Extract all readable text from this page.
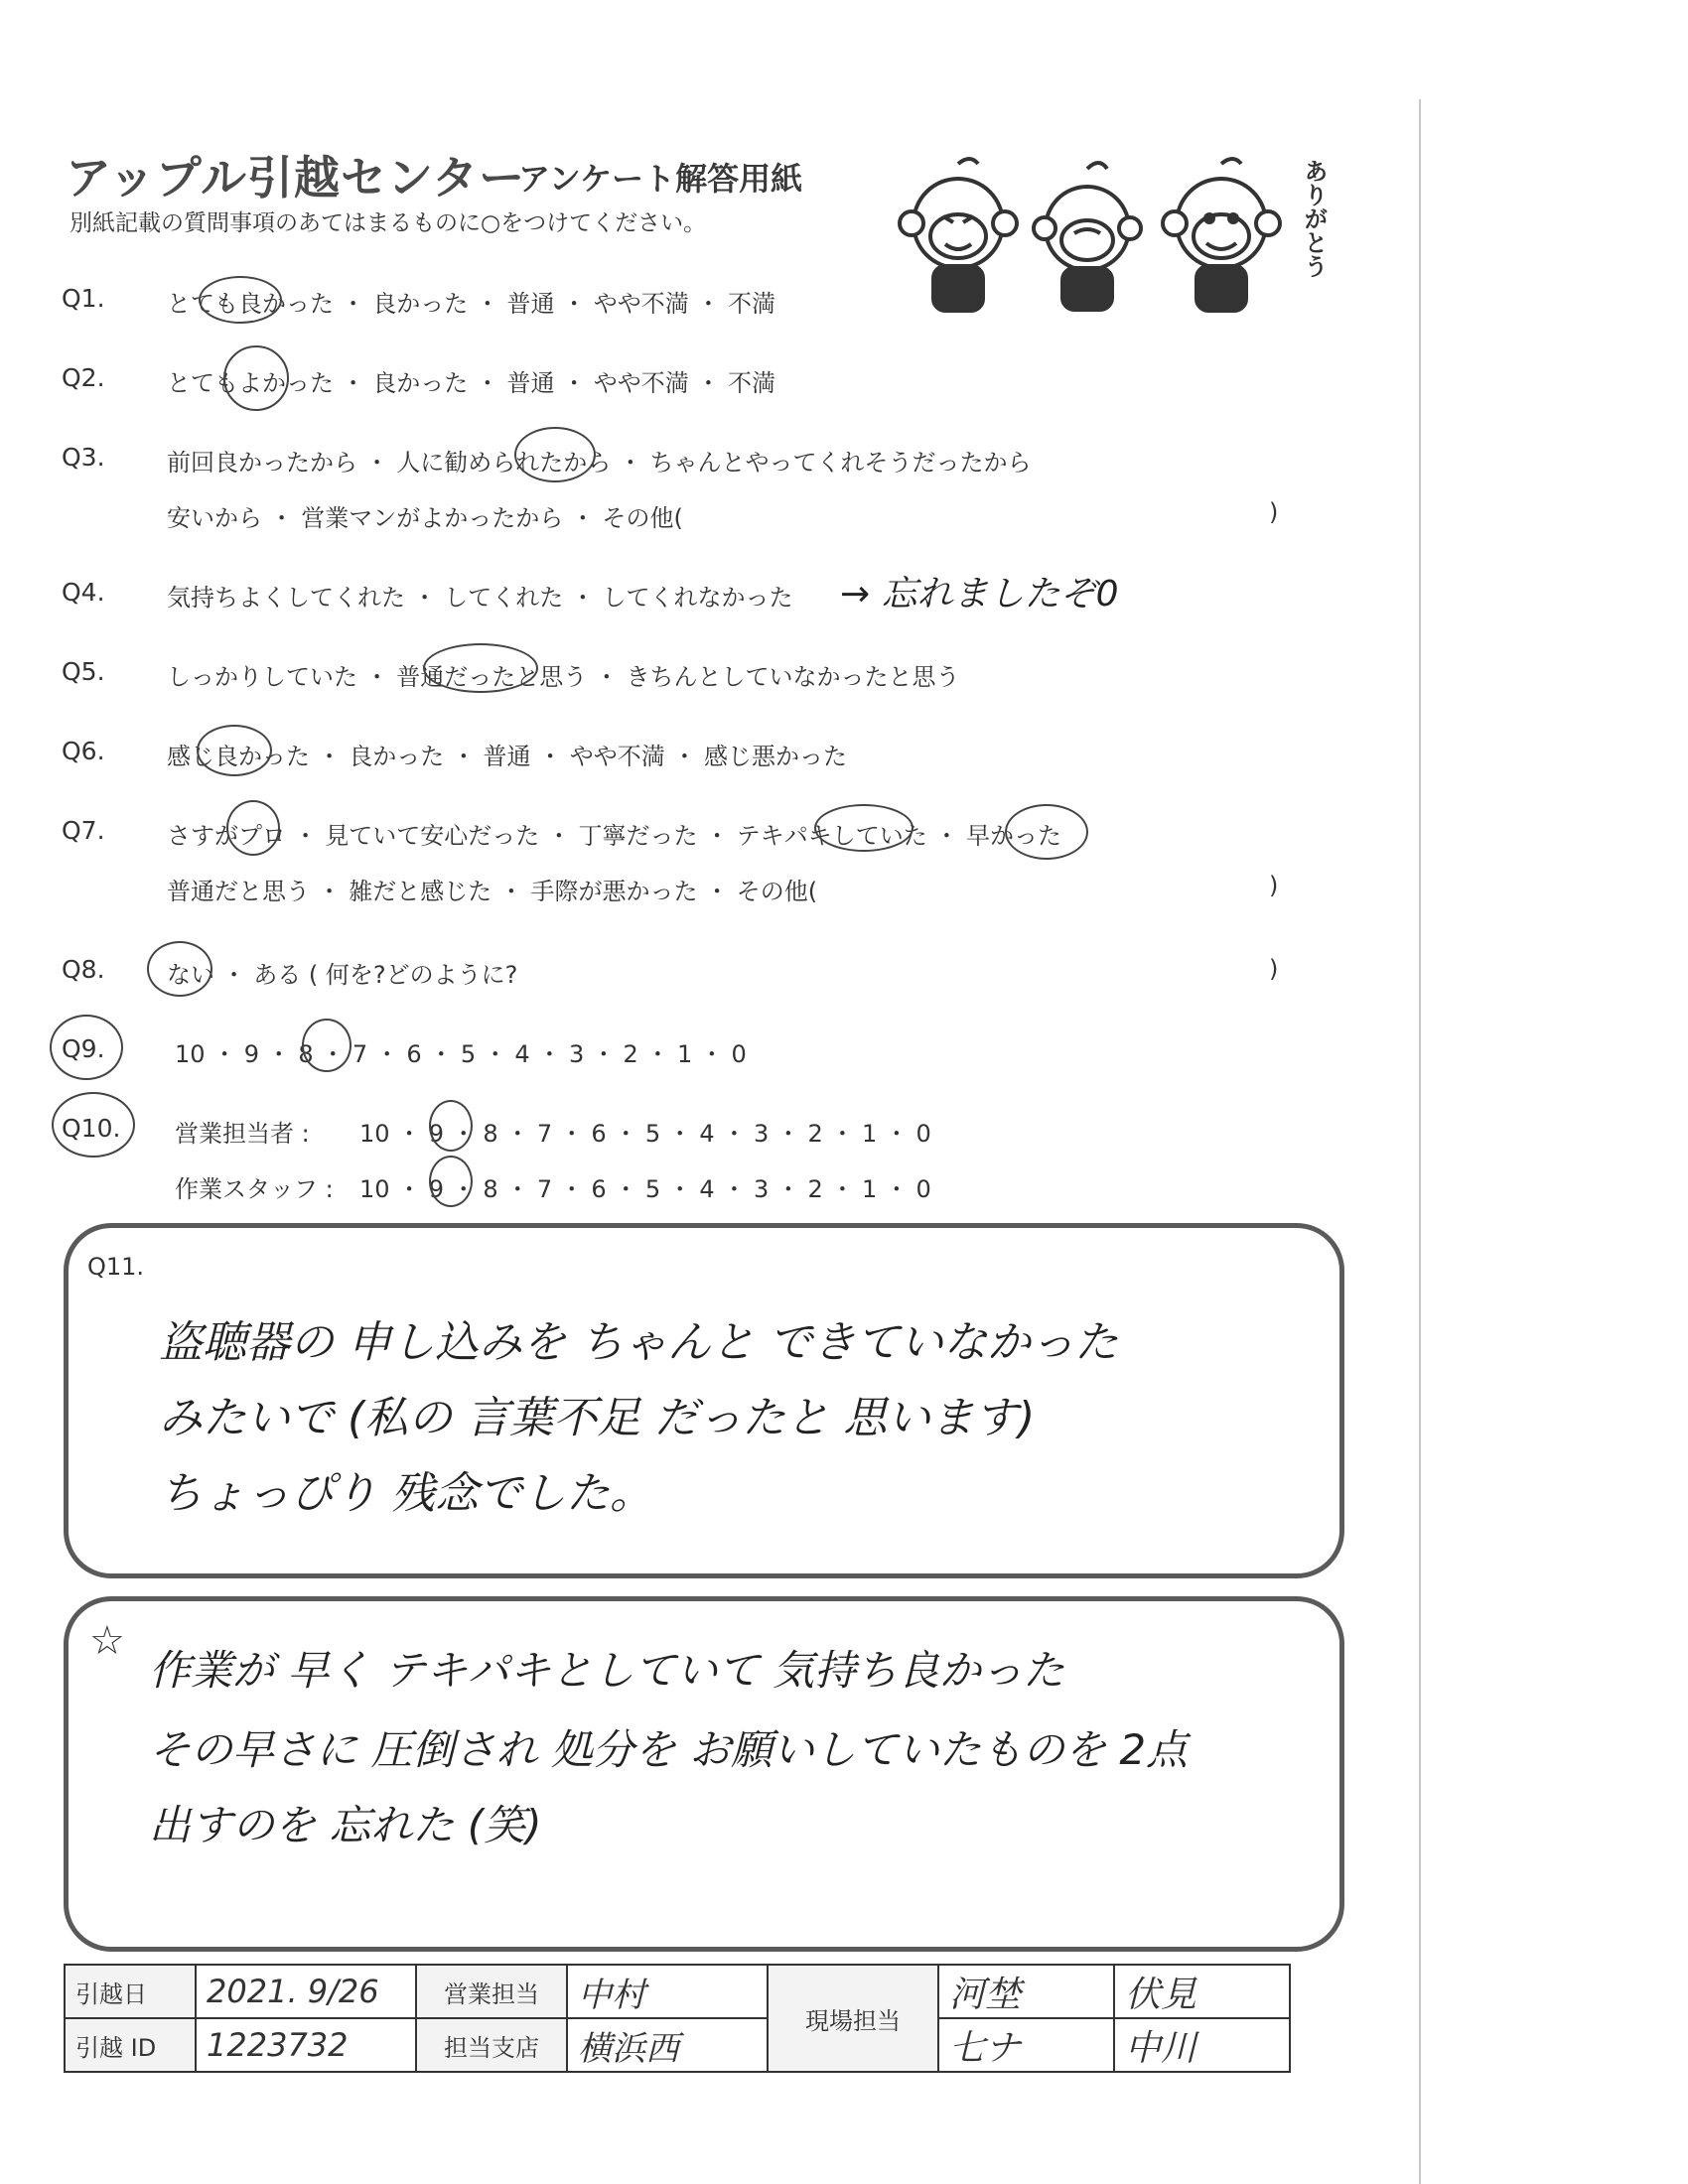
アップル引越センター
アンケート解答用紙
別紙記載の質問事項のあてはまるものに○をつけてください。	ありがとう
Q1.	とても良かった ・ 良かった ・ 普通 ・ やや不満 ・ 不満
Q2.	とてもよかった ・ 良かった ・ 普通 ・ やや不満 ・ 不満
Q3.	前回良かったから ・ 人に勧められたから ・ ちゃんとやってくれそうだったから
安いから ・ 営業マンがよかったから ・ その他(	)
Q4.	気持ちよくしてくれた ・ してくれた ・ してくれなかった → 忘れましたぞ0
Q5.	しっかりしていた ・ 普通だったと思う ・ きちんとしていなかったと思う
Q6.	感じ良かった ・ 良かった ・ 普通 ・ やや不満 ・ 感じ悪かった
Q7.	さすがプロ ・ 見ていて安心だった ・ 丁寧だった ・ テキパキしていた ・ 早かった
普通だと思う ・ 雑だと感じた ・ 手際が悪かった ・ その他(	)
Q8.	ない ・ ある ( 何を?どのように?	)
Q9.	10 ・ 9 ・ 8 ・ 7 ・ 6 ・ 5 ・ 4 ・ 3 ・ 2 ・ 1 ・ 0
Q10. 営業担当者 : 10 ・ 9 ・ 8 ・ 7 ・ 6 ・ 5 ・ 4 ・ 3 ・ 2 ・ 1 ・ 0
作業スタッフ : 10 ・ 9 ・ 8 ・ 7 ・ 6 ・ 5 ・ 4 ・ 3 ・ 2 ・ 1 ・ 0
Q11.
盗聴器の 申し込みを ちゃんと できていなかった
みたいで (私の 言葉不足 だったと 思います)
ちょっぴり 残念でした。
☆
作業が 早く テキパキとしていて 気持ち良かった
その早さに 圧倒され 処分を お願いしていたものを 2点
出すのを 忘れた (笑)
引越日	2021. 9/26	営業担当	中村	現場担当	河埜	伏見
引越 ID	1223732	担当支店	横浜西		七ナ	中川
